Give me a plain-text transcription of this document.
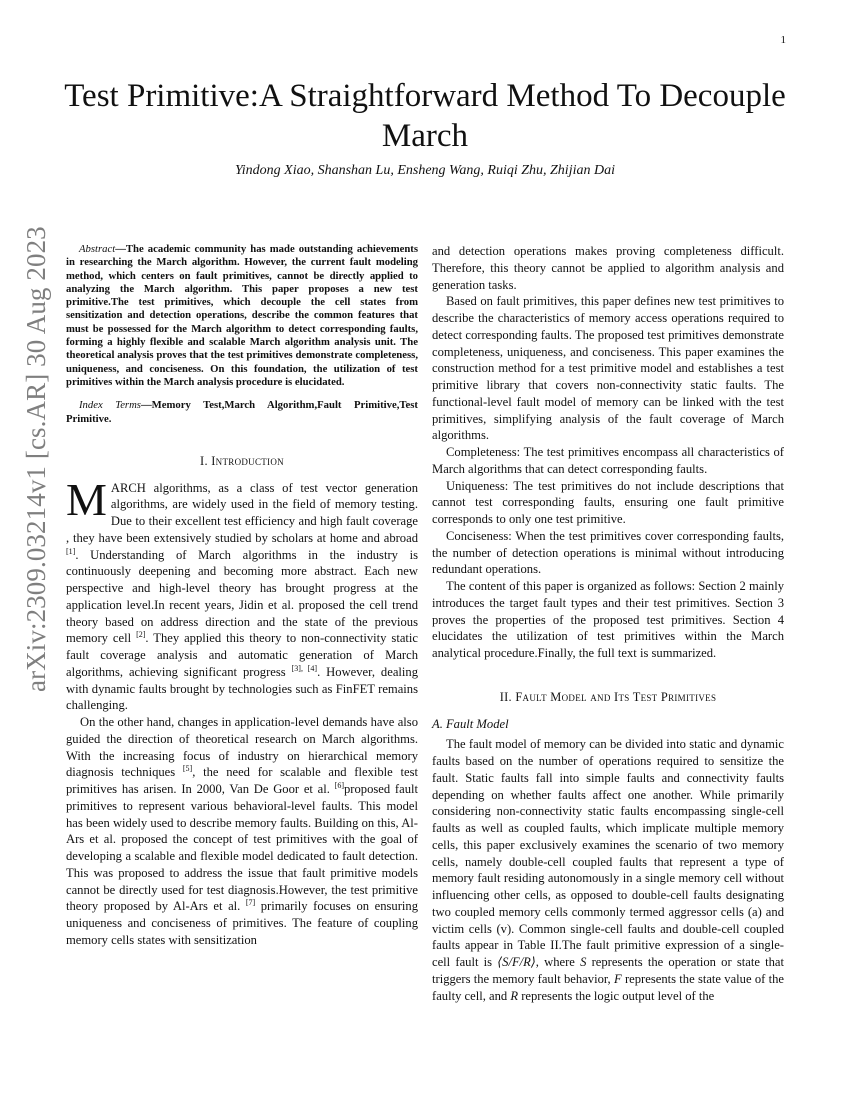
1
arXiv:2309.03214v1 [cs.AR] 30 Aug 2023
Test Primitive:A Straightforward Method To Decouple March
Yindong Xiao, Shanshan Lu, Ensheng Wang, Ruiqi Zhu, Zhijian Dai

Abstract—The academic community has made outstanding achievements in researching the March algorithm. However, the current fault modeling method, which centers on fault primitives, cannot be directly applied to analyzing the March algorithm. This paper proposes a new test primitive.The test primitives, which decouple the cell states from sensitization and detection operations, describe the common features that must be possessed for the March algorithm to detect corresponding faults, forming a highly flexible and scalable March algorithm analysis unit. The theoretical analysis proves that the test primitives demonstrate completeness, uniqueness, and conciseness. On this foundation, the utilization of test primitives within the March analysis procedure is elucidated.

Index Terms—Memory Test,March Algorithm,Fault Primitive,Test Primitive.

I. Introduction

MARCH algorithms, as a class of test vector generation algorithms, are widely used in the field of memory testing. Due to their excellent test efficiency and high fault coverage , they have been extensively studied by scholars at home and abroad [1]. Understanding of March algorithms in the industry is continuously deepening and becoming more abstract. Each new perspective and high-level theory has brought progress at the application level.In recent years, Jidin et al. proposed the cell trend theory based on address direction and the state of the previous memory cell [2]. They applied this theory to non-connectivity static fault coverage analysis and automatic generation of March algorithms, achieving significant progress [3], [4]. However, dealing with dynamic faults brought by technologies such as FinFET remains challenging.

On the other hand, changes in application-level demands have also guided the direction of theoretical research on March algorithms. With the increasing focus of industry on hierarchical memory diagnosis techniques [5], the need for scalable and flexible test primitives has arisen. In 2000, Van De Goor et al. [6]proposed fault primitives to represent various behavioral-level faults. This model has been widely used to describe memory faults. Building on this, Al-Ars et al. proposed the concept of test primitives with the goal of developing a scalable and flexible model dedicated to fault detection. This was proposed to address the issue that fault primitive models cannot be directly used for test diagnosis.However, the test primitive theory proposed by Al-Ars et al. [7] primarily focuses on ensuring uniqueness and conciseness of primitives. The feature of coupling memory cells states with sensitization

and detection operations makes proving completeness difficult. Therefore, this theory cannot be applied to algorithm analysis and generation tasks.

Based on fault primitives, this paper defines new test primitives to describe the characteristics of memory access operations required to detect corresponding faults. The proposed test primitives demonstrate completeness, uniqueness, and conciseness. This paper examines the construction method for a test primitive model and establishes a test primitive library that covers non-connectivity static faults. The functional-level fault model of memory can be linked with the test primitives, simplifying analysis of the fault coverage of March algorithms.

Completeness: The test primitives encompass all characteristics of March algorithms that can detect corresponding faults.

Uniqueness: The test primitives do not include descriptions that cannot test corresponding faults, ensuring one fault primitive corresponds to only one test primitive.

Conciseness: When the test primitives cover corresponding faults, the number of detection operations is minimal without introducing redundant operations.

The content of this paper is organized as follows: Section 2 mainly introduces the target fault types and their test primitives. Section 3 proves the properties of the proposed test primitives. Section 4 elucidates the utilization of test primitives within the March analytical procedure.Finally, the full text is summarized.

II. Fault Model and Its Test Primitives
A. Fault Model

The fault model of memory can be divided into static and dynamic faults based on the number of operations required to sensitize the fault. Static faults fall into simple faults and connectivity faults depending on whether faults affect one another. While primarily considering non-connectivity static faults encompassing single-cell faults as well as coupled faults, which implicate multiple memory cells, this paper exclusively examines the scenario of two memory cells, namely double-cell coupled faults that represent a type of memory fault residing autonomously in a single memory cell without influencing other cells, as opposed to double-cell faults designating two coupled memory cells commonly termed aggressor cells (a) and victim cells (v). Common single-cell faults and double-cell coupled faults appear in Table II.The fault primitive expression of a single-cell fault is ⟨S/F/R⟩, where S represents the operation or state that triggers the memory fault behavior, F represents the state value of the faulty cell, and R represents the logic output level of the
